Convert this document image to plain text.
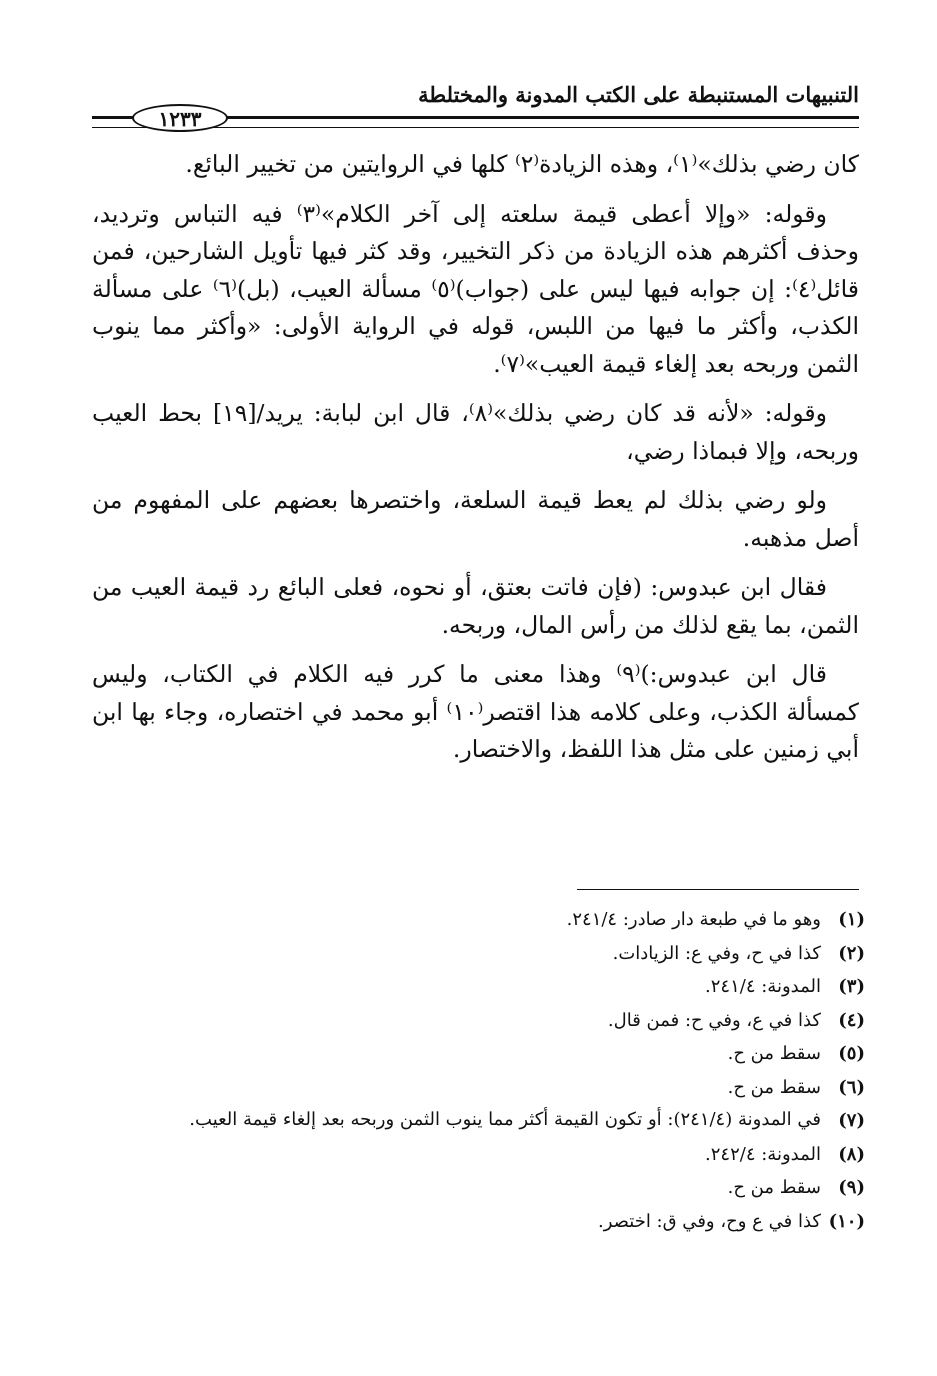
التنبيهات المستنبطة على الكتب المدونة والمختلطة
١٢٣٣

كان رضي بذلك»⁽١⁾، وهذه الزيادة⁽٢⁾ كلها في الروايتين من تخيير البائع.

وقوله: «وإلا أعطى قيمة سلعته إلى آخر الكلام»⁽٣⁾ فيه التباس وترديد، وحذف أكثرهم هذه الزيادة من ذكر التخيير، وقد كثر فيها تأويل الشارحين، فمن قائل⁽٤⁾: إن جوابه فيها ليس على (جواب)⁽٥⁾ مسألة العيب، (بل)⁽٦⁾ على مسألة الكذب، وأكثر ما فيها من اللبس، قوله في الرواية الأولى: «وأكثر مما ينوب الثمن وربحه بعد إلغاء قيمة العيب»⁽٧⁾.

وقوله: «لأنه قد كان رضي بذلك»⁽٨⁾، قال ابن لبابة: يريد/[١٩] بحط العيب وربحه، وإلا فبماذا رضي،

ولو رضي بذلك لم يعط قيمة السلعة، واختصرها بعضهم على المفهوم من أصل مذهبه.

فقال ابن عبدوس: (فإن فاتت بعتق، أو نحوه، فعلى البائع رد قيمة العيب من الثمن، بما يقع لذلك من رأس المال، وربحه.

قال ابن عبدوس:)⁽٩⁾ وهذا معنى ما كرر فيه الكلام في الكتاب، وليس كمسألة الكذب، وعلى كلامه هذا اقتصر⁽١٠⁾ أبو محمد في اختصاره، وجاء بها ابن أبي زمنين على مثل هذا اللفظ، والاختصار.

(١)
وهو ما في طبعة دار صادر: ٢٤١/٤.
(٢)
كذا في ح، وفي ع: الزيادات.
(٣)
المدونة: ٢٤١/٤.
(٤)
كذا في ع، وفي ح: فمن قال.
(٥)
سقط من ح.
(٦)
سقط من ح.
(٧)
في المدونة (٢٤١/٤): أو تكون القيمة أكثر مما ينوب الثمن وربحه بعد إلغاء قيمة العيب.
(٨)
المدونة: ٢٤٢/٤.
(٩)
سقط من ح.
(١٠)
كذا في ع وح، وفي ق: اختصر.
